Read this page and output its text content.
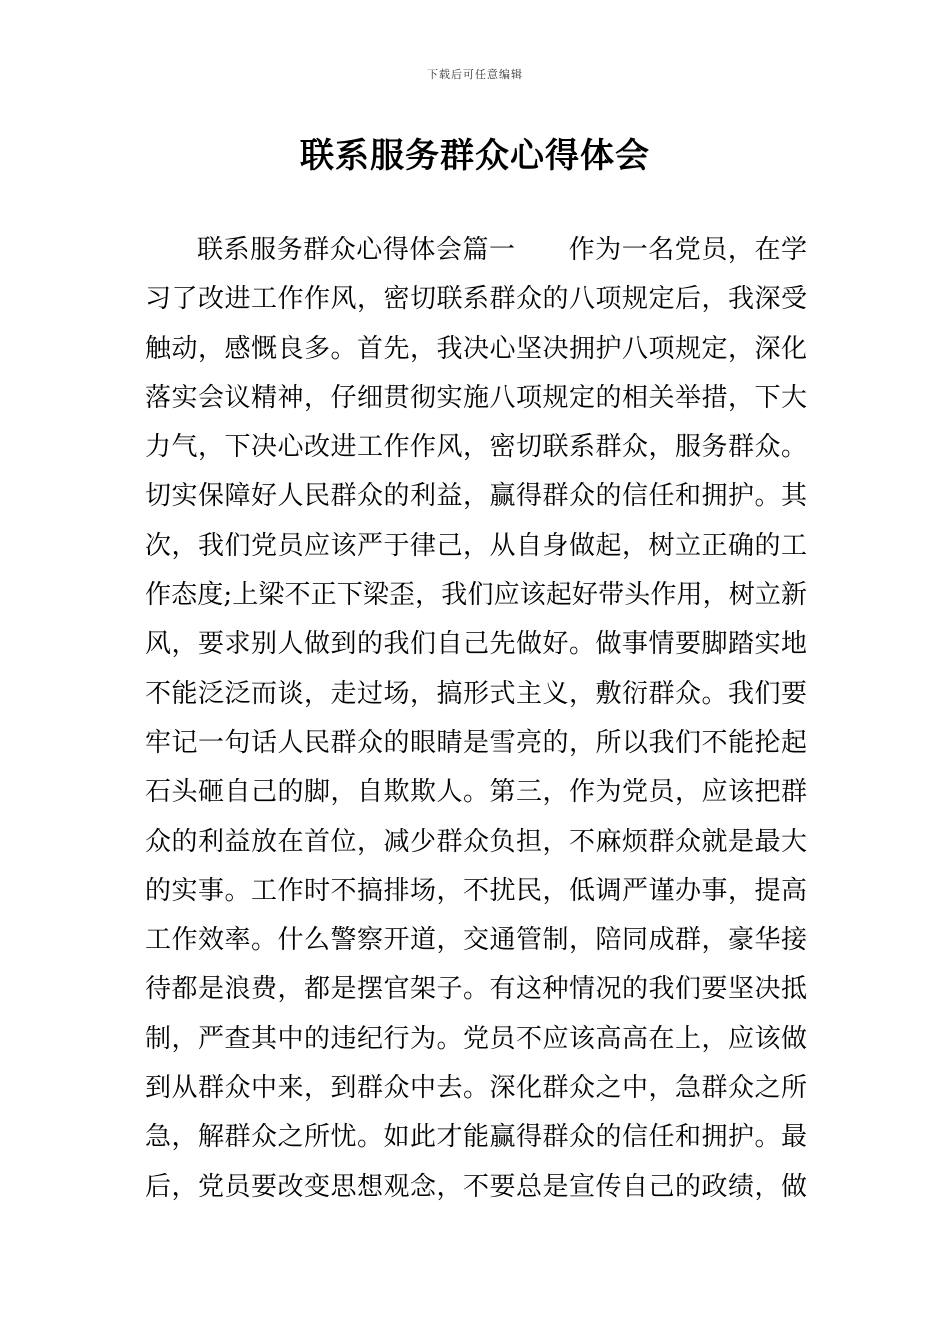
下载后可任意编辑
联系服务群众心得体会
联系服务群众心得体会篇一　　作为一名党员，在学
习了改进工作作风，密切联系群众的八项规定后，我深受
触动，感慨良多。首先，我决心坚决拥护八项规定，深化
落实会议精神，仔细贯彻实施八项规定的相关举措，下大
力气，下决心改进工作作风，密切联系群众，服务群众。
切实保障好人民群众的利益，赢得群众的信任和拥护。其
次，我们党员应该严于律己，从自身做起，树立正确的工
作态度;上梁不正下梁歪，我们应该起好带头作用，树立新
风，要求别人做到的我们自己先做好。做事情要脚踏实地
不能泛泛而谈，走过场，搞形式主义，敷衍群众。我们要
牢记一句话人民群众的眼睛是雪亮的，所以我们不能抡起
石头砸自己的脚，自欺欺人。第三，作为党员，应该把群
众的利益放在首位，减少群众负担，不麻烦群众就是最大
的实事。工作时不搞排场，不扰民，低调严谨办事，提高
工作效率。什么警察开道，交通管制，陪同成群，豪华接
待都是浪费，都是摆官架子。有这种情况的我们要坚决抵
制，严查其中的违纪行为。党员不应该高高在上，应该做
到从群众中来，到群众中去。深化群众之中，急群众之所
急，解群众之所忧。如此才能赢得群众的信任和拥护。最
后，党员要改变思想观念，不要总是宣传自己的政绩，做
